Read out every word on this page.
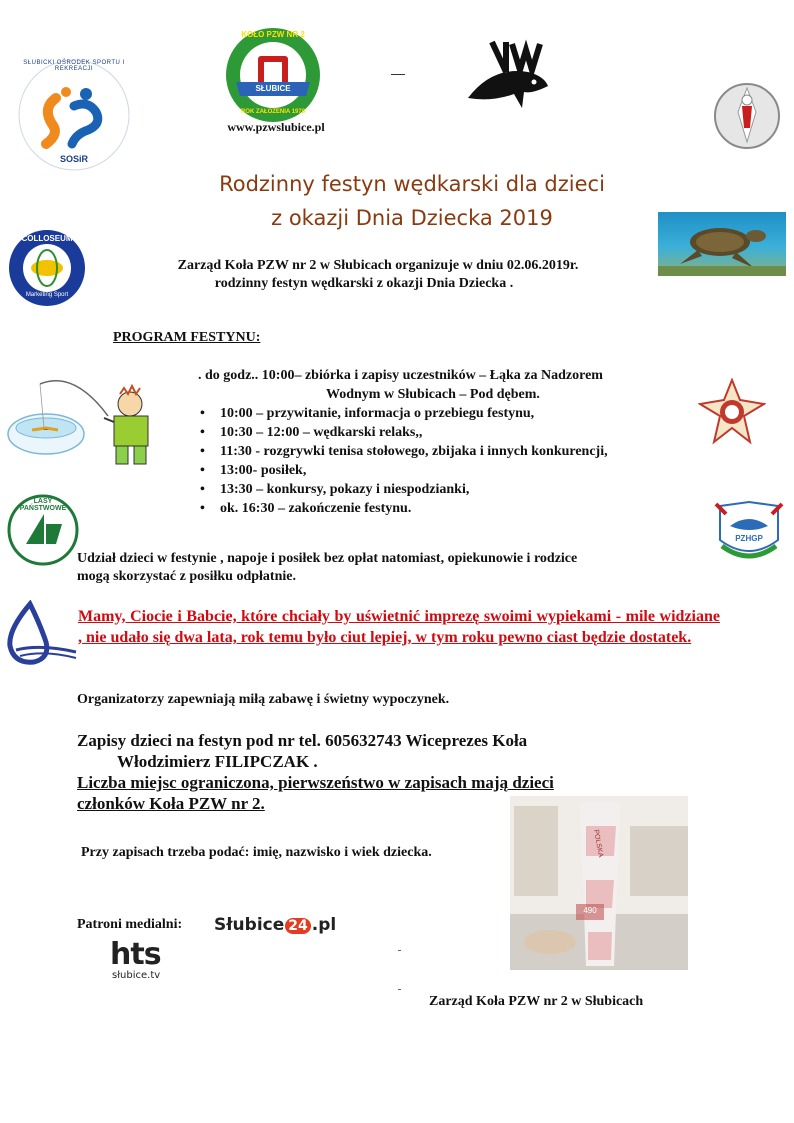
SŁUBICKI OŚRODEK SPORTU I REKREACJI
SOSiR
KOŁO PZW NR 2
SŁUBICE
ROK ZAŁOŻENIA 1978
www.pzwslubice.pl
Rodzinny festyn wędkarski dla dzieci
z okazji Dnia Dziecka 2019
COLLOSEUM
Marketing Sport
Zarząd Koła PZW nr 2 w Słubicach organizuje w dniu 02.06.2019r.
rodzinny festyn wędkarski z okazji Dnia Dziecka .
PROGRAM FESTYNU:
. do godz.. 10:00– zbiórka i zapisy uczestników – Łąka za Nadzorem
Wodnym w Słubicach – Pod dębem.
• 10:00 – przywitanie, informacja o przebiegu festynu,
• 10:30 – 12:00 – wędkarski relaks,,
• 11:30 - rozgrywki tenisa stołowego, zbijaka i innych konkurencji,
• 13:00- posiłek,
• 13:30 – konkursy, pokazy i niespodzianki,
• ok. 16:30 – zakończenie festynu.
LASY PAŃSTWOWE
PZHGP
Udział dzieci w festynie , napoje i posiłek bez opłat natomiast, opiekunowie i rodzice
mogą skorzystać z posiłku odpłatnie.
Mamy, Ciocie i Babcie, które chciały by uświetnić imprezę swoimi wypiekami - mile widziane , nie udało się dwa lata, rok temu było ciut lepiej, w tym roku pewno ciast będzie dostatek.
Organizatorzy zapewniają miłą zabawę i świetny wypoczynek.
Zapisy dzieci na festyn pod nr tel. 605632743 Wiceprezes Koła
Włodzimierz FILIPCZAK .
Liczba miejsc ograniczona, pierwszeństwo w zapisach mają dzieci
członków Koła PZW nr 2.
POLSKA
490
Przy zapisach trzeba podać: imię, nazwisko i wiek dziecka.
Patroni medialni: Słubice 24 .pl
hts
słubice.tv
Zarząd Koła PZW nr 2 w Słubicach
